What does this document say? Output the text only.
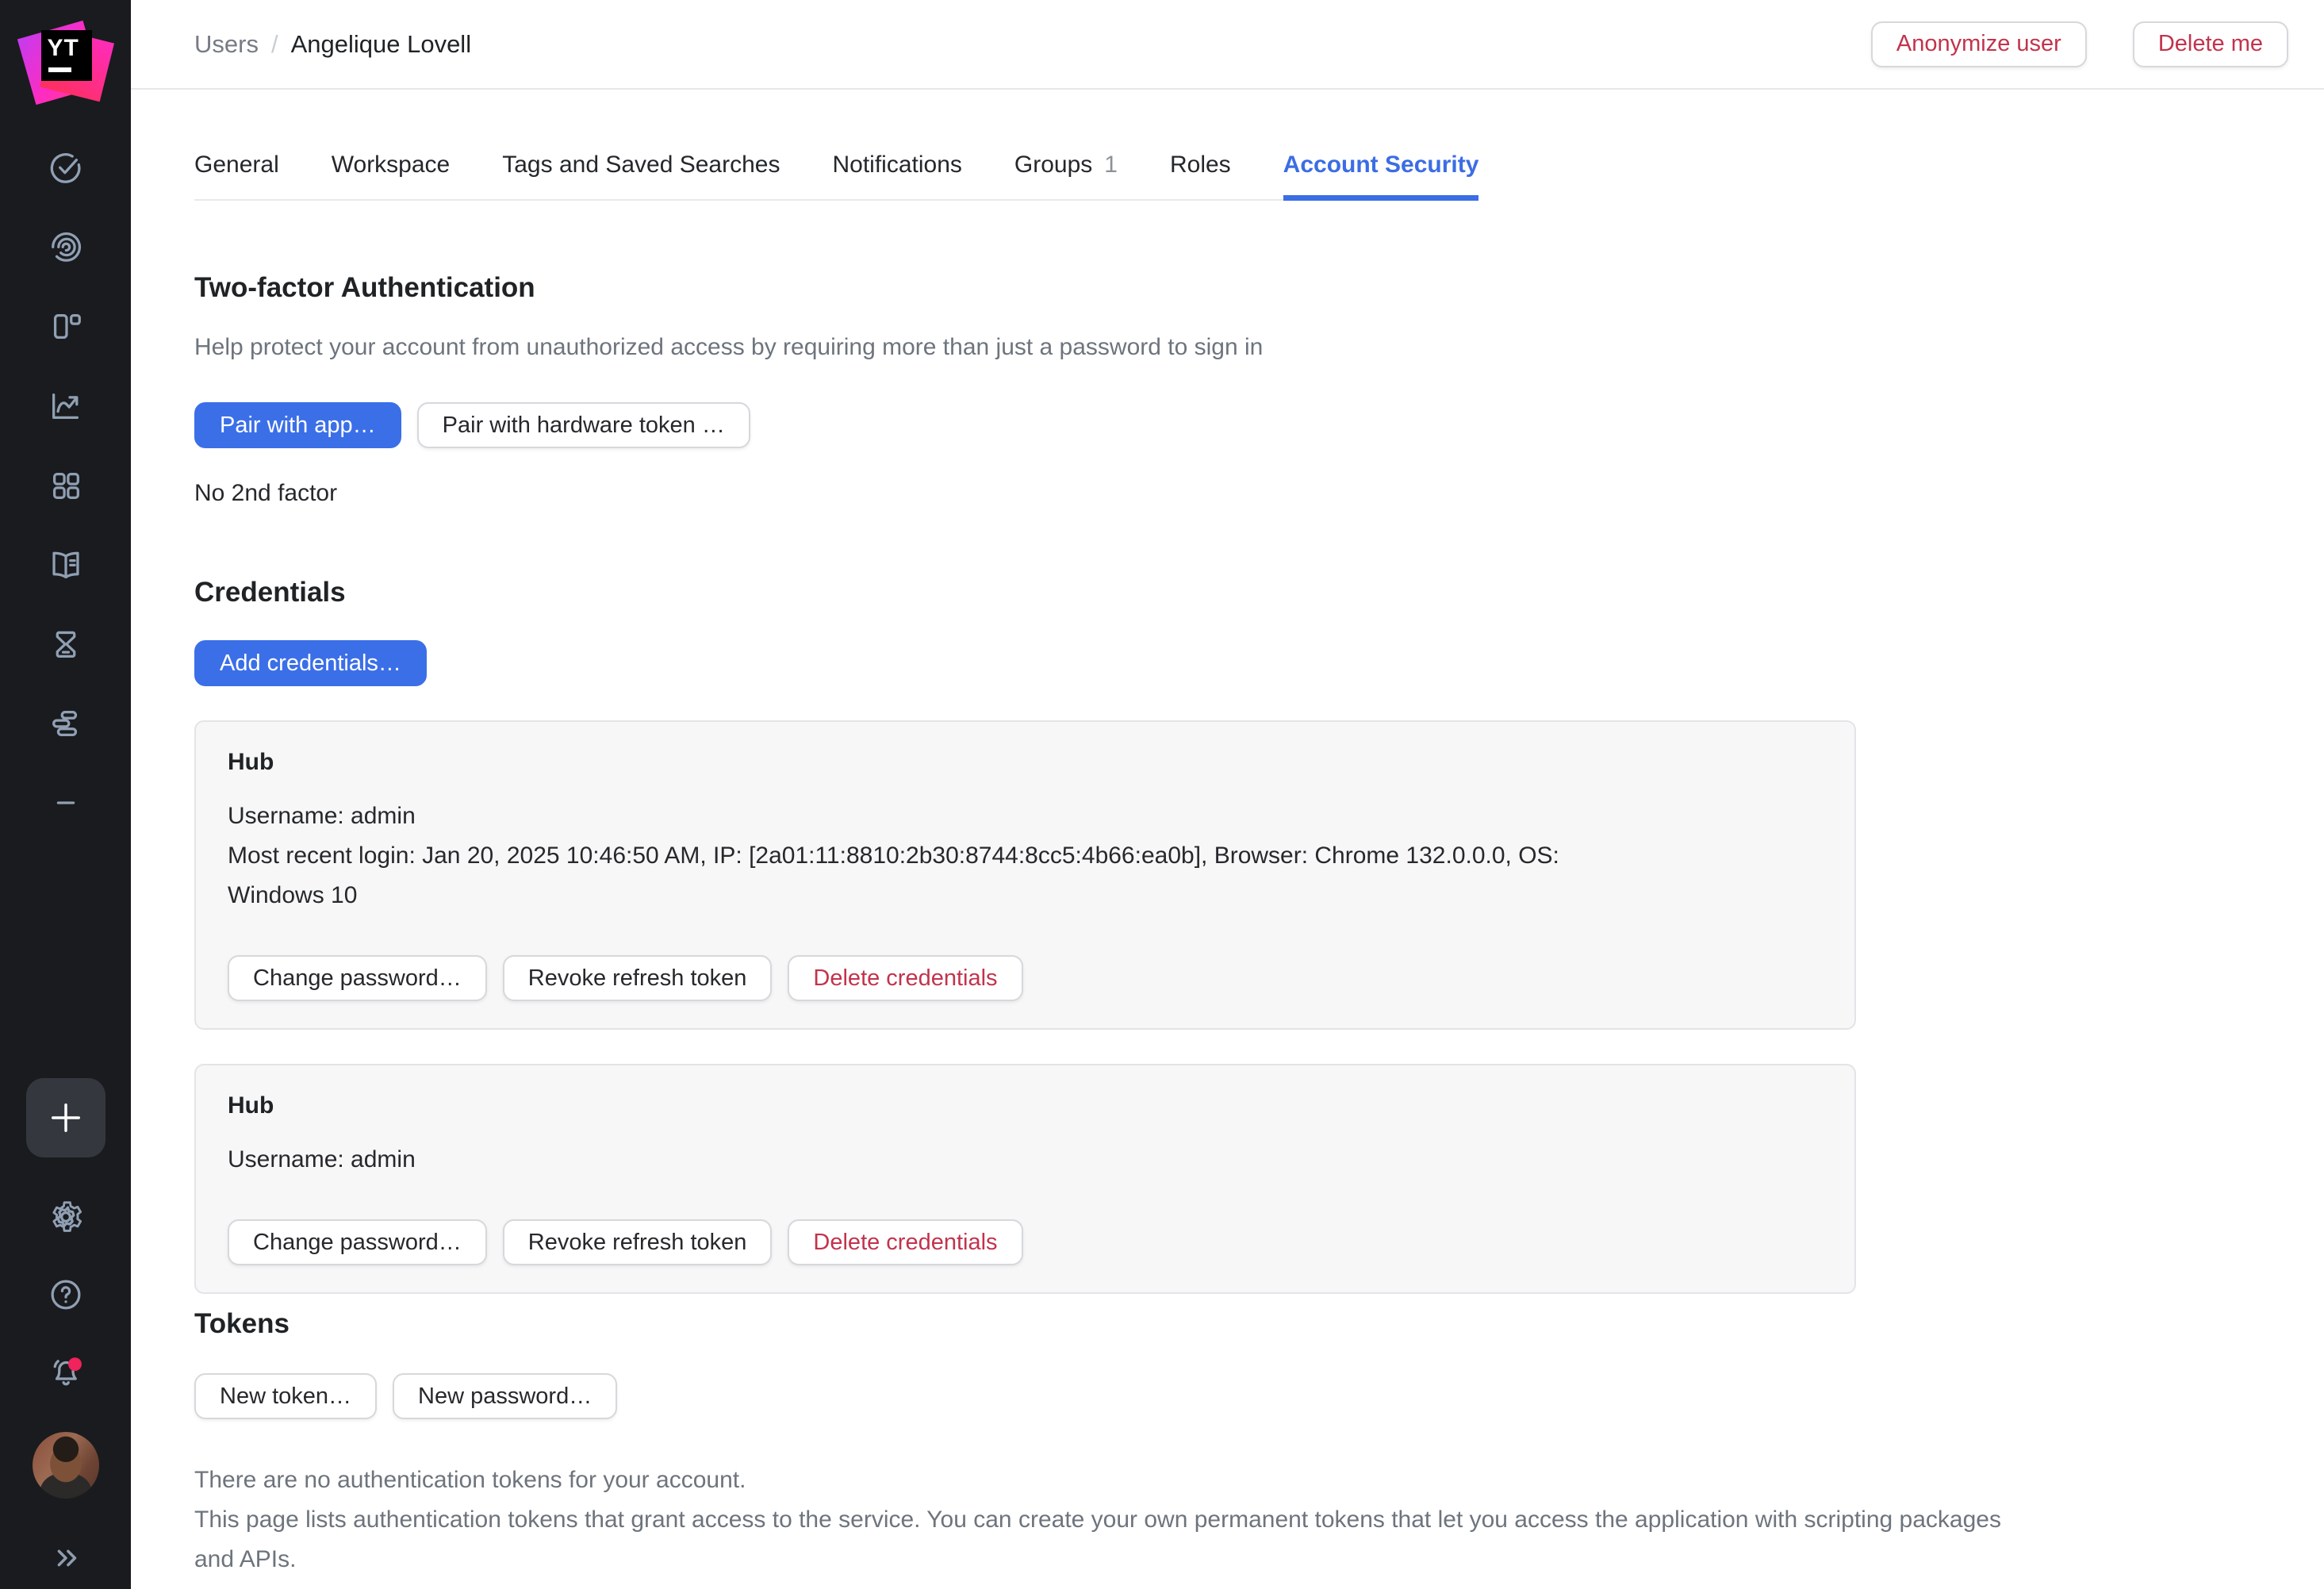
YT	Users / Angelique Lovell	Anonymize user	Delete me
General Workspace Tags and Saved Searches Notifications Groups 1 Roles Account Security
Two-factor Authentication

Help protect your account from unauthorized access by requiring more than just a password to sign in

Pair with app…	Pair with hardware token …

No 2nd factor

Credentials
Add credentials…
Hub
Username: admin
Most recent login: Jan 20, 2025 10:46:50 AM, IP: [2a01:11:8810:2b30:8744:8cc5:4b66:ea0b], Browser: Chrome 132.0.0.0, OS: Windows 10
Change password…	Revoke refresh token	Delete credentials
Hub
Username: admin
Change password…	Revoke refresh token	Delete credentials
Tokens
New token…	New password…
There are no authentication tokens for your account.
This page lists authentication tokens that grant access to the service. You can create your own permanent tokens that let you access the application with scripting packages and APIs.
